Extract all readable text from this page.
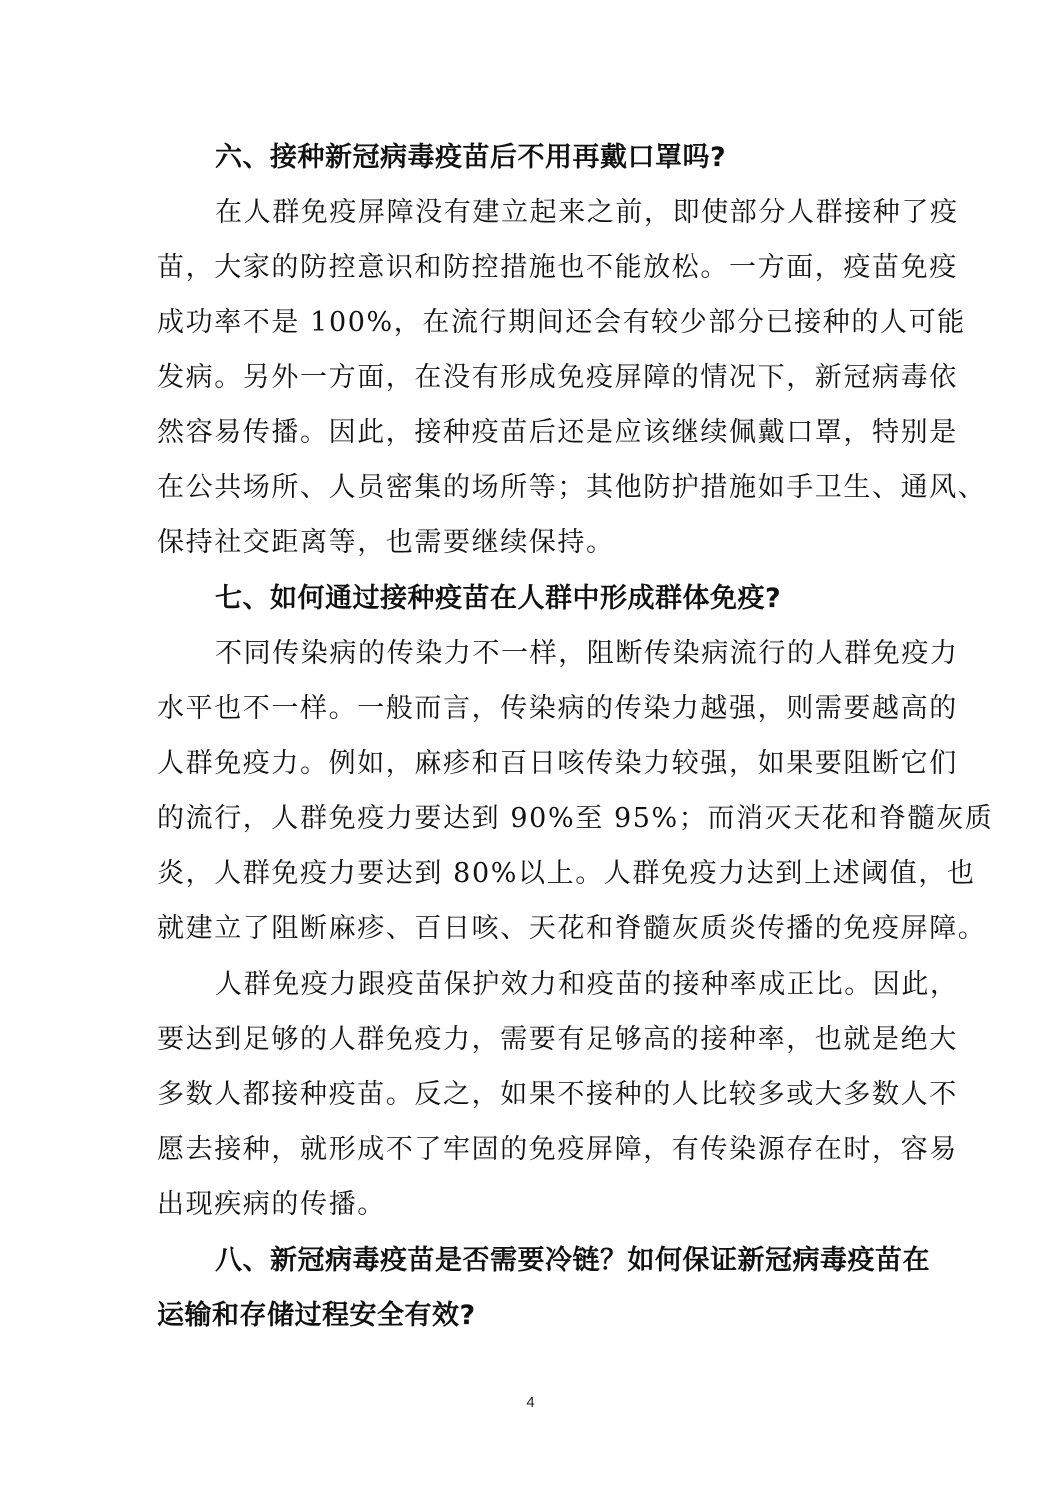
六、接种新冠病毒疫苗后不用再戴口罩吗?
在人群免疫屏障没有建立起来之前，即使部分人群接种了疫
苗，大家的防控意识和防控措施也不能放松。一方面，疫苗免疫
成功率不是 100%，在流行期间还会有较少部分已接种的人可能
发病。另外一方面，在没有形成免疫屏障的情况下，新冠病毒依
然容易传播。因此，接种疫苗后还是应该继续佩戴口罩，特别是
在公共场所、人员密集的场所等；其他防护措施如手卫生、通风、
保持社交距离等，也需要继续保持。
七、如何通过接种疫苗在人群中形成群体免疫?
不同传染病的传染力不一样，阻断传染病流行的人群免疫力
水平也不一样。一般而言，传染病的传染力越强，则需要越高的
人群免疫力。例如，麻疹和百日咳传染力较强，如果要阻断它们
的流行，人群免疫力要达到 90%至 95%；而消灭天花和脊髓灰质
炎，人群免疫力要达到 80%以上。人群免疫力达到上述阈值，也
就建立了阻断麻疹、百日咳、天花和脊髓灰质炎传播的免疫屏障。
人群免疫力跟疫苗保护效力和疫苗的接种率成正比。因此，
要达到足够的人群免疫力，需要有足够高的接种率，也就是绝大
多数人都接种疫苗。反之，如果不接种的人比较多或大多数人不
愿去接种，就形成不了牢固的免疫屏障，有传染源存在时，容易
出现疾病的传播。
八、新冠病毒疫苗是否需要冷链？如何保证新冠病毒疫苗在
运输和存储过程安全有效?
4
